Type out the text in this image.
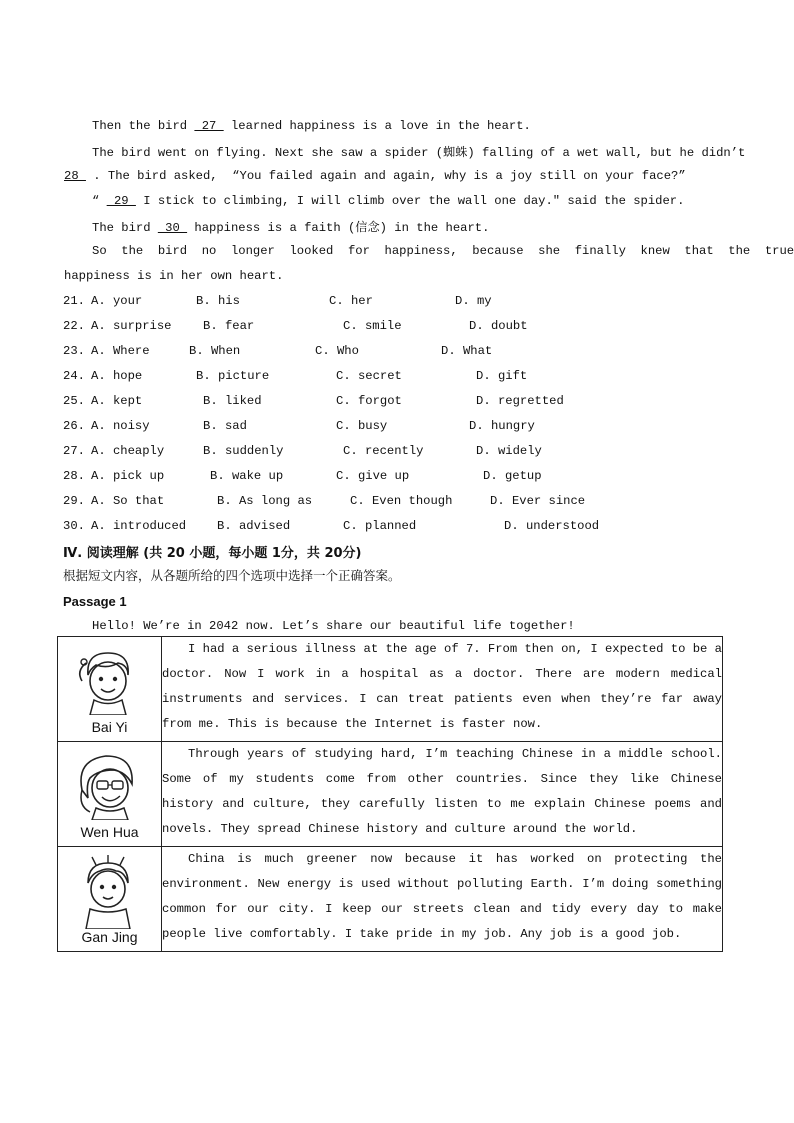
Then the bird  27  learned happiness is a love in the heart.
The bird went on flying. Next she saw a spider (蜘蛛) falling of a wet wall, but he didn’t
28  . The bird asked,  “You failed again and again, why is a joy still on your face?”
“  29  I stick to climbing, I will climb over the wall one day.″ said the spider.
The bird  30  happiness is a faith (信念) in the heart.
So  the  bird  no  longer  looked  for  happiness,  because  she  finally  knew  that  the  true
happiness is in her own heart.
21. A. your	B. his	C. her	D. my
22. A. surprise	B. fear	C. smile	D. doubt
23. A. Where	B. When	C. Who	D. What
24. A. hope	B. picture	C. secret	D. gift
25. A. kept	B. liked	C. forgot	D. regretted
26. A. noisy	B. sad	C. busy	D. hungry
27. A. cheaply	B. suddenly	C. recently	D. widely
28. A. pick up	B. wake up	C. give up	D. getup
29. A. So that	B. As long as	C. Even though	D. Ever since
30. A. introduced	B. advised	C. planned	D. understood
Ⅳ. 阅读理解 (共 20 小题，每小题 1分，共 20分)
根据短文内容，从各题所给的四个选项中选择一个正确答案。
Passage 1
Hello! We’re in 2042 now. Let’s share our beautiful life together!
Bai Yi	I had a serious illness at the age of 7. From then on, I expected to be a doctor. Now I work in a hospital as a doctor. There are modern medical instruments and services. I can treat patients even when they’re far away from me. This is because the Internet is faster now.

Wen Hua	Through years of studying hard, I’m teaching Chinese in a middle school. Some of my students come from other countries. Since they like Chinese history and culture, they carefully listen to me explain Chinese poems and novels. They spread Chinese history and culture around the world.

Gan Jing	China is much greener now because it has worked on protecting the environment. New energy is used without polluting Earth. I’m doing something common for our city. I keep our streets clean and tidy every day to make people live comfortably. I take pride in my job. Any job is a good job.
